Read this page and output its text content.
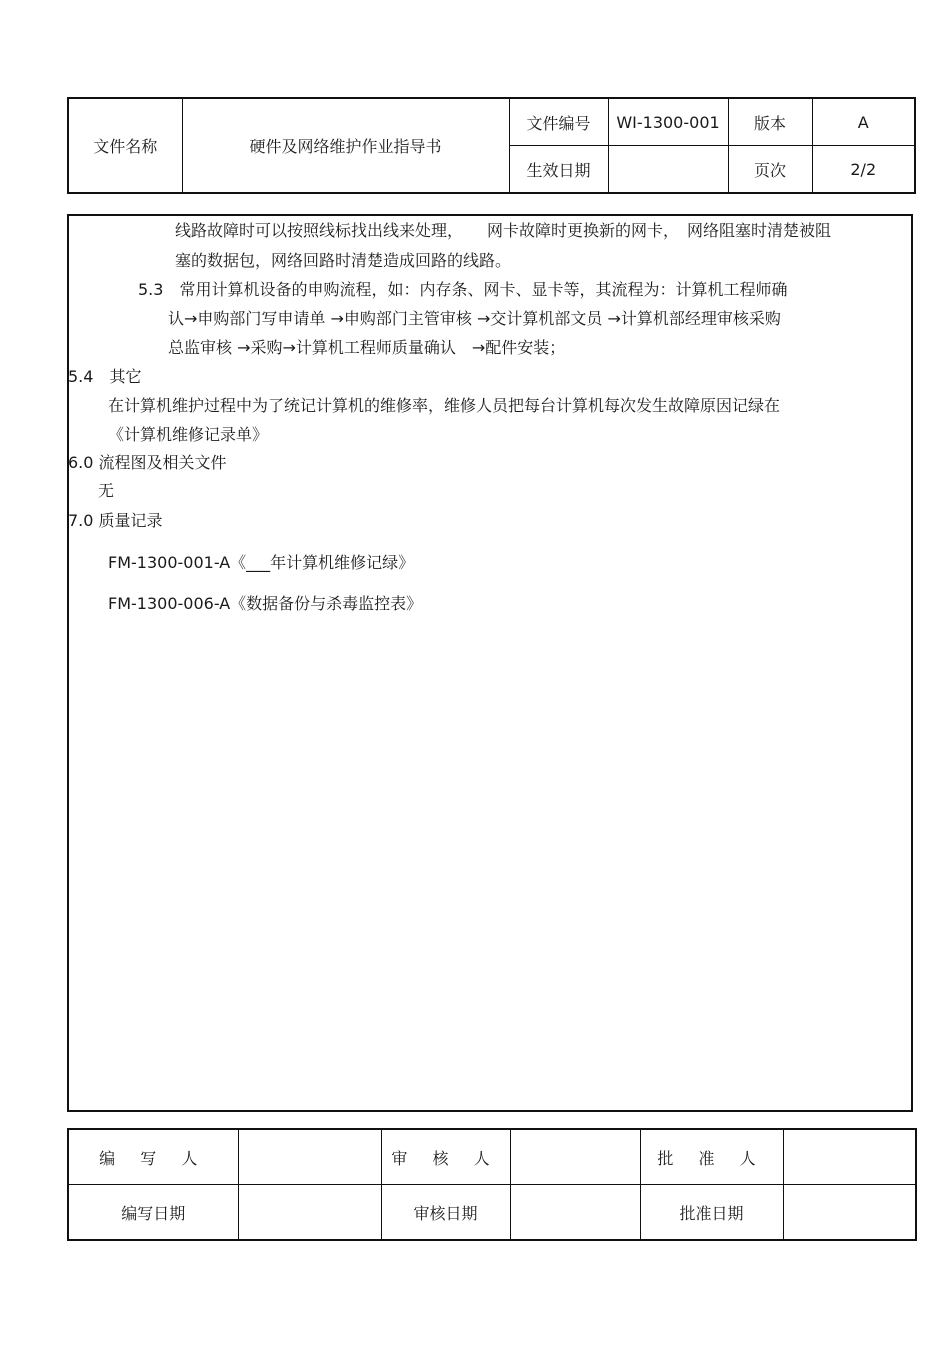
文件名称	硬件及网络维护作业指导书	文件编号	WI-1300-001	版本	A
		生效日期		页次	2/2
线路故障时可以按照线标找出线来处理，　　网卡故障时更换新的网卡，　网络阻塞时清楚被阻
塞的数据包，网络回路时清楚造成回路的线路。
5.3　常用计算机设备的申购流程，如：内存条、网卡、显卡等，其流程为：计算机工程师确
认→申购部门写申请单 →申购部门主管审核 →交计算机部文员 →计算机部经理审核采购
总监审核 →采购→计算机工程师质量确认　→配件安装；
5.4　其它
在计算机维护过程中为了统记计算机的维修率，维修人员把每台计算机每次发生故障原因记绿在
《计算机维修记录单》
6.0 流程图及相关文件
无
7.0 质量记录
FM-1300-001-A《___年计算机维修记绿》
FM-1300-006-A《数据备份与杀毒监控表》
编 写 人		审 核 人		批 准 人	
编写日期		审核日期		批准日期	
